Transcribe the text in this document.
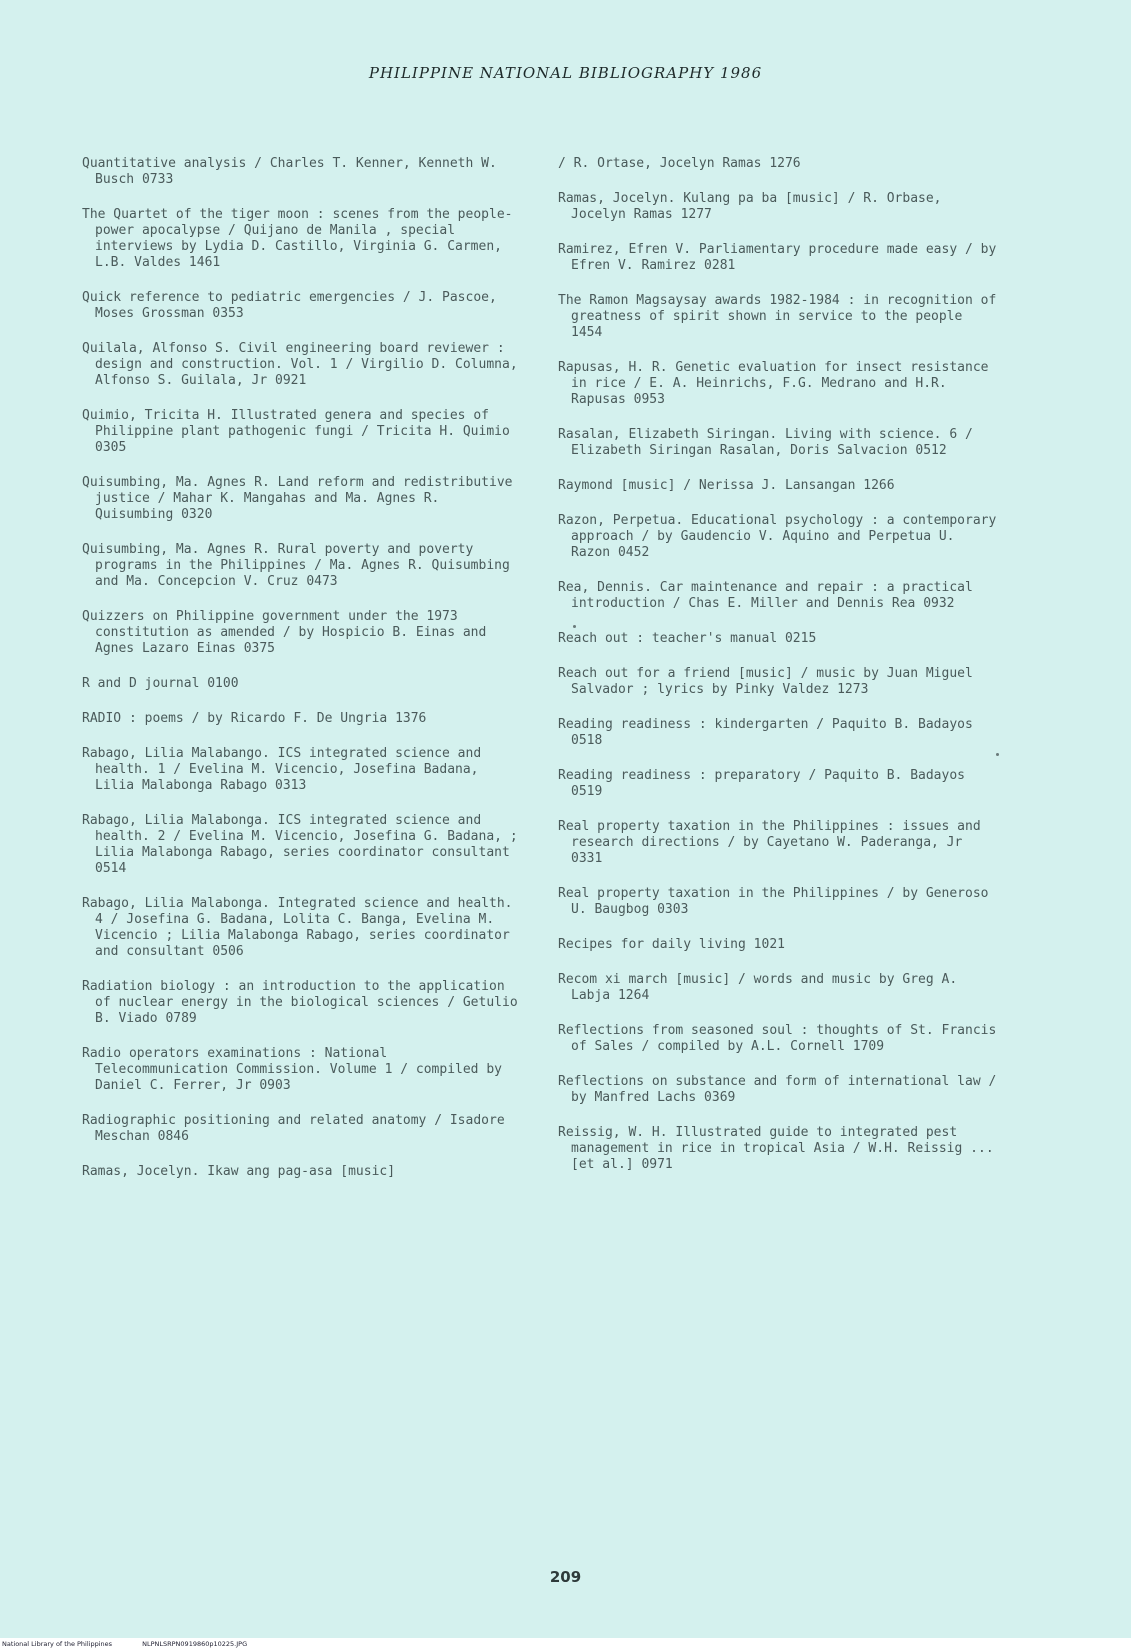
PHILIPPINE NATIONAL BIBLIOGRAPHY 1986

Quantitative analysis / Charles T. Kenner, Kenneth W. Busch 0733

The Quartet of the tiger moon : scenes from the people-power apocalypse / Quijano de Manila , special interviews by Lydia D. Castillo, Virginia G. Carmen, L.B. Valdes 1461

Quick reference to pediatric emergencies / J. Pascoe, Moses Grossman 0353

Quilala, Alfonso S. Civil engineering board reviewer : design and construction. Vol. 1 / Virgilio D. Columna, Alfonso S. Guilala, Jr 0921

Quimio, Tricita H. Illustrated genera and species of Philippine plant pathogenic fungi / Tricita H. Quimio 0305

Quisumbing, Ma. Agnes R. Land reform and redistributive justice / Mahar K. Mangahas and Ma. Agnes R. Quisumbing 0320

Quisumbing, Ma. Agnes R. Rural poverty and poverty programs in the Philippines / Ma. Agnes R. Quisumbing and Ma. Concepcion V. Cruz 0473

Quizzers on Philippine government under the 1973 constitution as amended / by Hospicio B. Einas and Agnes Lazaro Einas 0375

R and D journal 0100

RADIO : poems / by Ricardo F. De Ungria 1376

Rabago, Lilia Malabango. ICS integrated science and health. 1 / Evelina M. Vicencio, Josefina Badana, Lilia Malabonga Rabago 0313

Rabago, Lilia Malabonga. ICS integrated science and health. 2 / Evelina M. Vicencio, Josefina G. Badana, ; Lilia Malabonga Rabago, series coordinator consultant 0514

Rabago, Lilia Malabonga. Integrated science and health. 4 / Josefina G. Badana, Lolita C. Banga, Evelina M. Vicencio ; Lilia Malabonga Rabago, series coordinator and consultant 0506

Radiation biology : an introduction to the application of nuclear energy in the biological sciences / Getulio B. Viado 0789

Radio operators examinations : National Telecommunication Commission. Volume 1 / compiled by Daniel C. Ferrer, Jr 0903

Radiographic positioning and related anatomy / Isadore Meschan 0846

Ramas, Jocelyn. Ikaw ang pag-asa [music]

/ R. Ortase, Jocelyn Ramas 1276

Ramas, Jocelyn. Kulang pa ba [music] / R. Orbase, Jocelyn Ramas 1277

Ramirez, Efren V. Parliamentary procedure made easy / by Efren V. Ramirez 0281

The Ramon Magsaysay awards 1982-1984 : in recognition of greatness of spirit shown in service to the people 1454

Rapusas, H. R. Genetic evaluation for insect resistance in rice / E. A. Heinrichs, F.G. Medrano and H.R. Rapusas 0953

Rasalan, Elizabeth Siringan. Living with science. 6 / Elizabeth Siringan Rasalan, Doris Salvacion 0512

Raymond [music] / Nerissa J. Lansangan 1266

Razon, Perpetua. Educational psychology : a contemporary approach / by Gaudencio V. Aquino and Perpetua U. Razon 0452

Rea, Dennis. Car maintenance and repair : a practical introduction / Chas E. Miller and Dennis Rea 0932

Reach out : teacher's manual 0215

Reach out for a friend [music] / music by Juan Miguel Salvador ; lyrics by Pinky Valdez 1273

Reading readiness : kindergarten / Paquito B. Badayos 0518

Reading readiness : preparatory / Paquito B. Badayos 0519

Real property taxation in the Philippines : issues and research directions / by Cayetano W. Paderanga, Jr 0331

Real property taxation in the Philippines / by Generoso U. Baugbog 0303

Recipes for daily living 1021

Recom xi march [music] / words and music by Greg A. Labja 1264

Reflections from seasoned soul : thoughts of St. Francis of Sales / compiled by A.L. Cornell 1709

Reflections on substance and form of international law / by Manfred Lachs 0369

Reissig, W. H. Illustrated guide to integrated pest management in rice in tropical Asia / W.H. Reissig ... [et al.] 0971

209
National Library of the Philippines	NLPNLSRPN0919860p10225.JPG
